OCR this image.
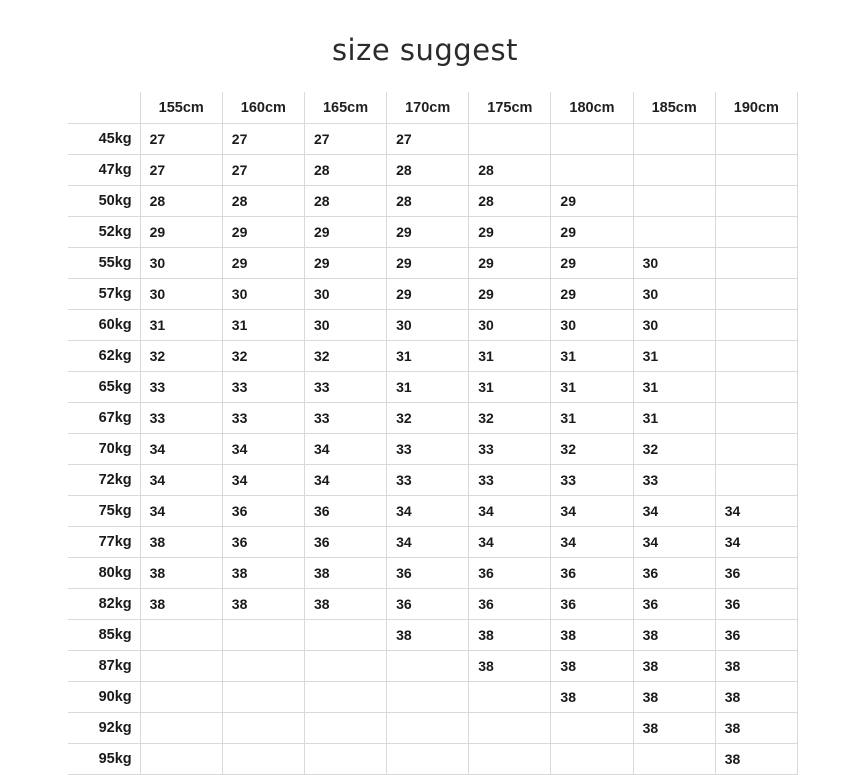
size suggest
	155cm	160cm	165cm	170cm	175cm	180cm	185cm	190cm
45kg	27	27	27	27				
47kg	27	27	28	28	28			
50kg	28	28	28	28	28	29		
52kg	29	29	29	29	29	29		
55kg	30	29	29	29	29	29	30	
57kg	30	30	30	29	29	29	30	
60kg	31	31	30	30	30	30	30	
62kg	32	32	32	31	31	31	31	
65kg	33	33	33	31	31	31	31	
67kg	33	33	33	32	32	31	31	
70kg	34	34	34	33	33	32	32	
72kg	34	34	34	33	33	33	33	
75kg	34	36	36	34	34	34	34	34
77kg	38	36	36	34	34	34	34	34
80kg	38	38	38	36	36	36	36	36
82kg	38	38	38	36	36	36	36	36
85kg				38	38	38	38	36
87kg					38	38	38	38
90kg						38	38	38
92kg							38	38
95kg								38
